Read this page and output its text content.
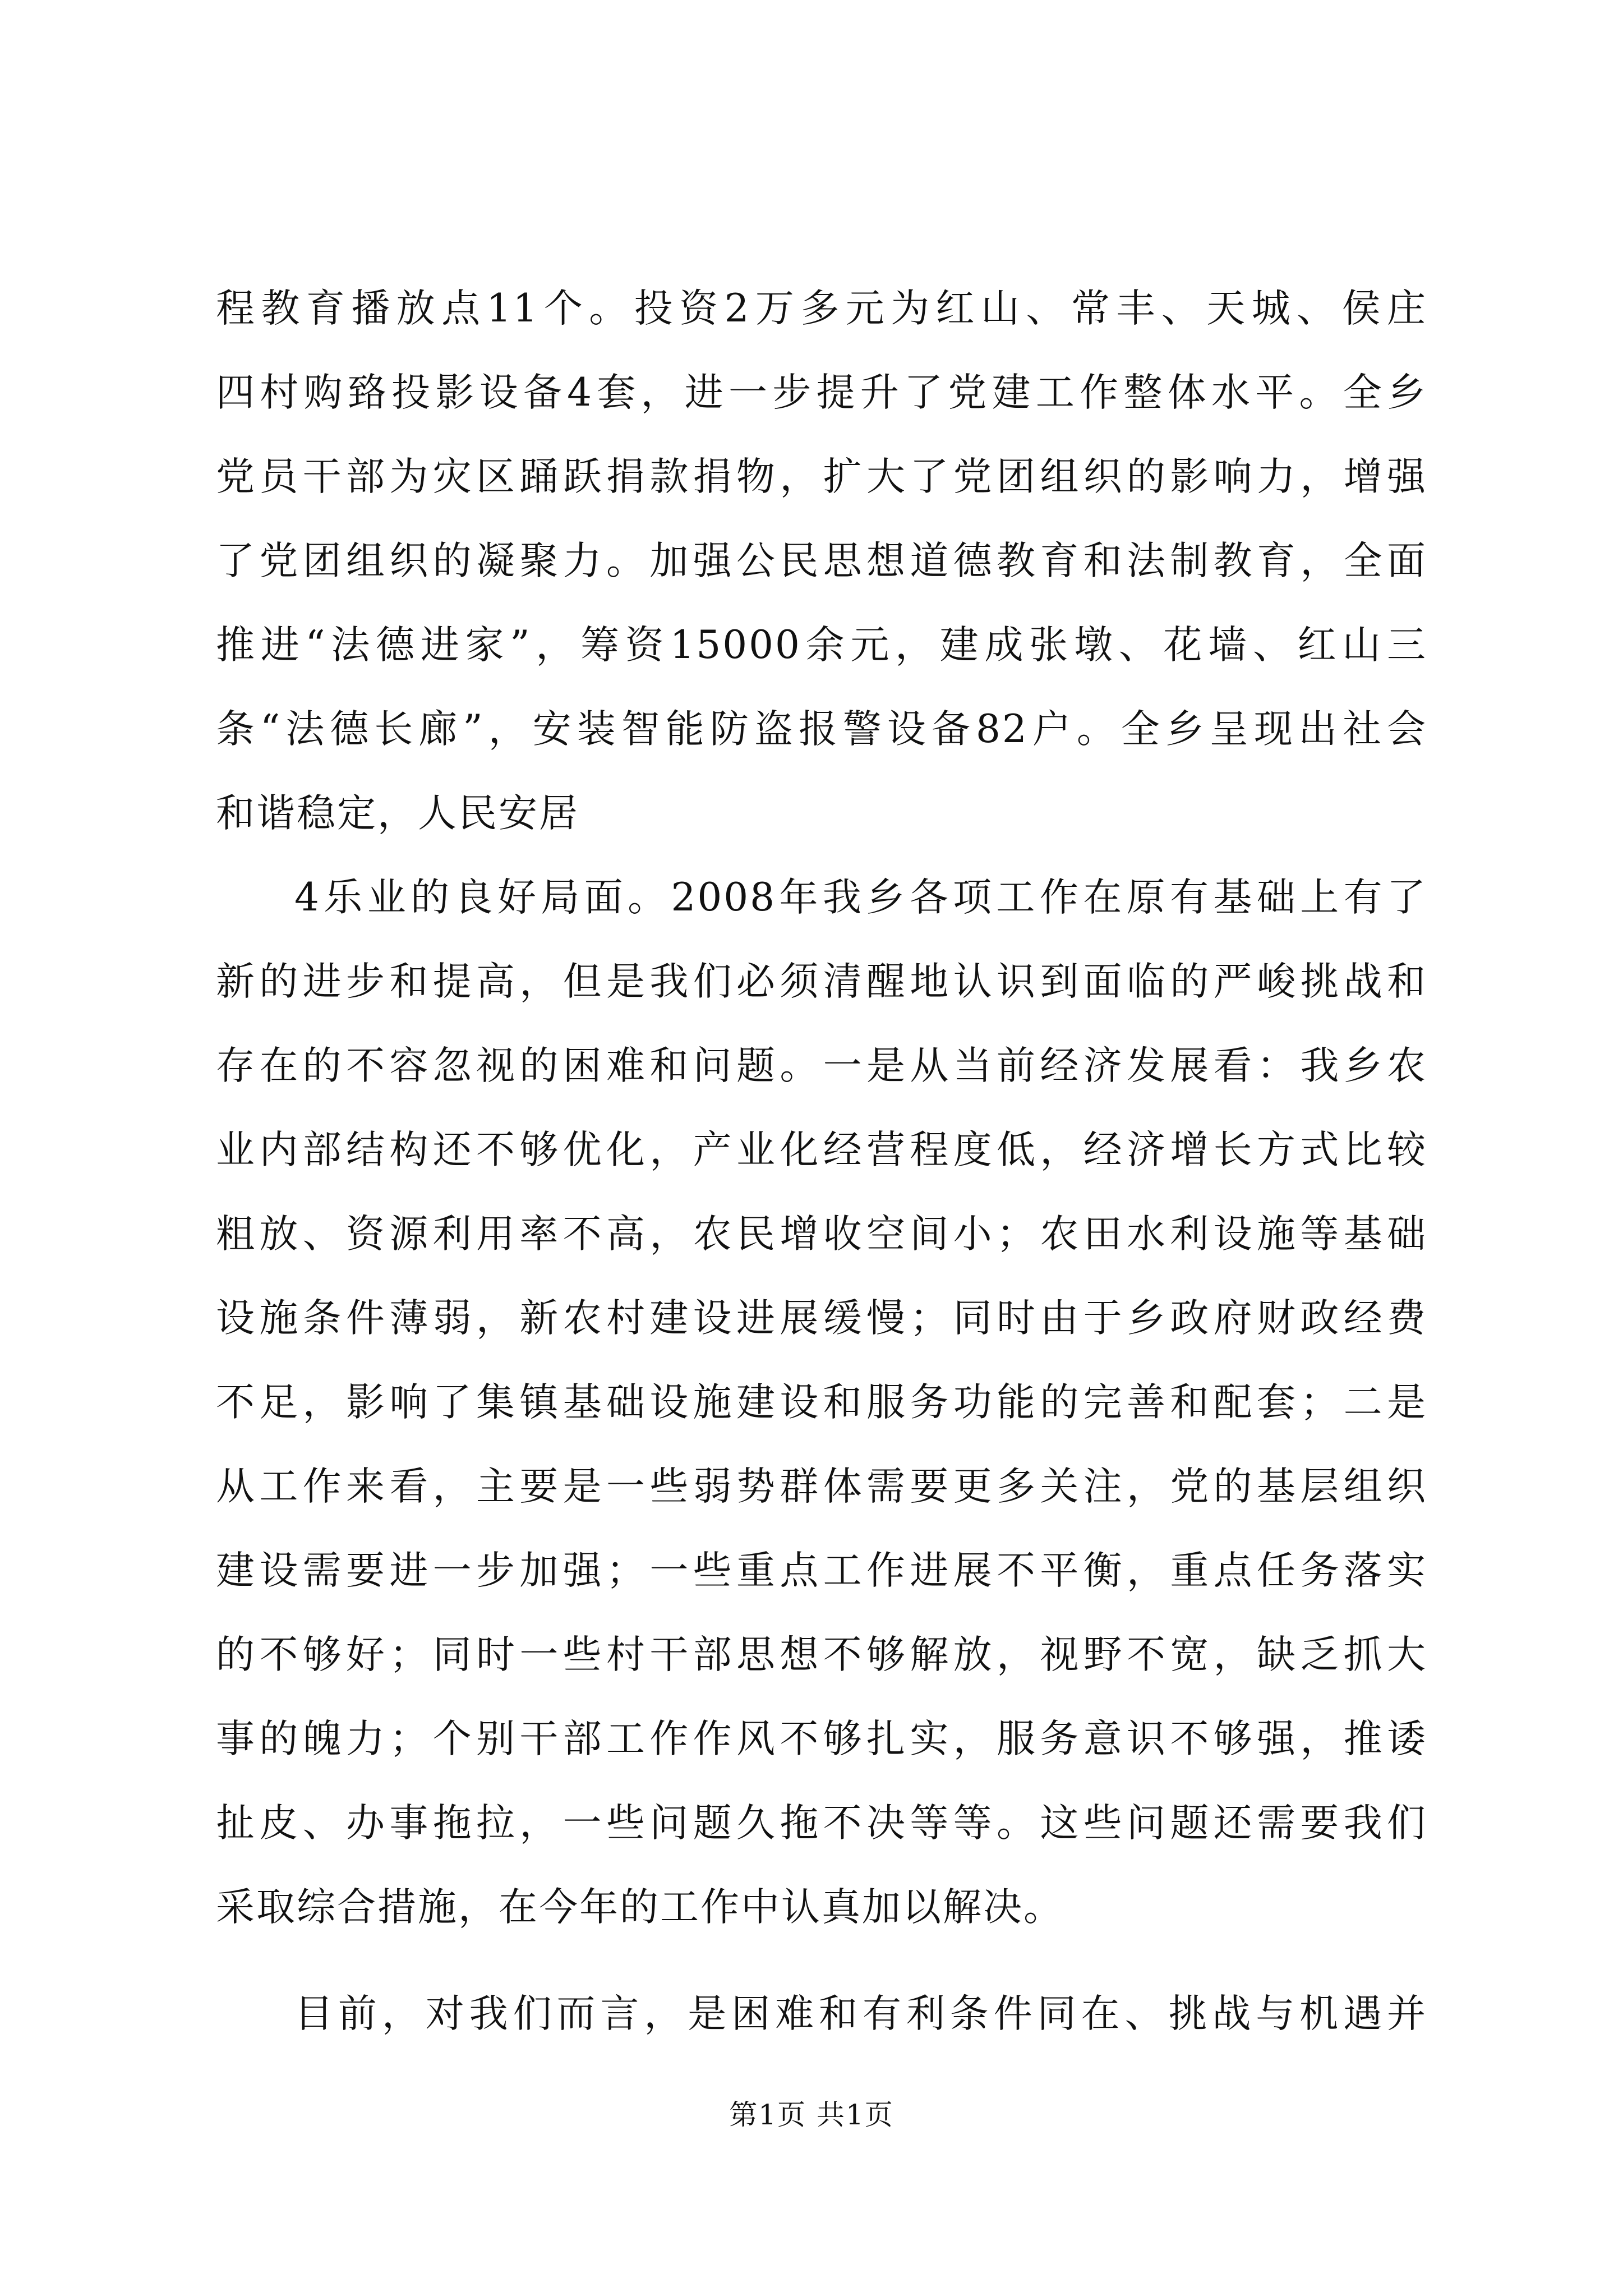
程教育播放点11个。投资2万多元为红山、常丰、天城、侯庄
四村购臵投影设备4套，进一步提升了党建工作整体水平。全乡
党员干部为灾区踊跃捐款捐物，扩大了党团组织的影响力，增强
了党团组织的凝聚力。加强公民思想道德教育和法制教育，全面
推进“法德进家”，筹资15000余元，建成张墩、花墙、红山三
条“法德长廊”，安装智能防盗报警设备82户。全乡呈现出社会
和谐稳定，人民安居
4乐业的良好局面。2008年我乡各项工作在原有基础上有了
新的进步和提高，但是我们必须清醒地认识到面临的严峻挑战和
存在的不容忽视的困难和问题。一是从当前经济发展看：我乡农
业内部结构还不够优化，产业化经营程度低，经济增长方式比较
粗放、资源利用率不高，农民增收空间小；农田水利设施等基础
设施条件薄弱，新农村建设进展缓慢；同时由于乡政府财政经费
不足，影响了集镇基础设施建设和服务功能的完善和配套；二是
从工作来看，主要是一些弱势群体需要更多关注，党的基层组织
建设需要进一步加强；一些重点工作进展不平衡，重点任务落实
的不够好；同时一些村干部思想不够解放，视野不宽，缺乏抓大
事的魄力；个别干部工作作风不够扎实，服务意识不够强，推诿
扯皮、办事拖拉，一些问题久拖不决等等。这些问题还需要我们
采取综合措施，在今年的工作中认真加以解决。
目前，对我们而言，是困难和有利条件同在、挑战与机遇并
第1页 共1页
